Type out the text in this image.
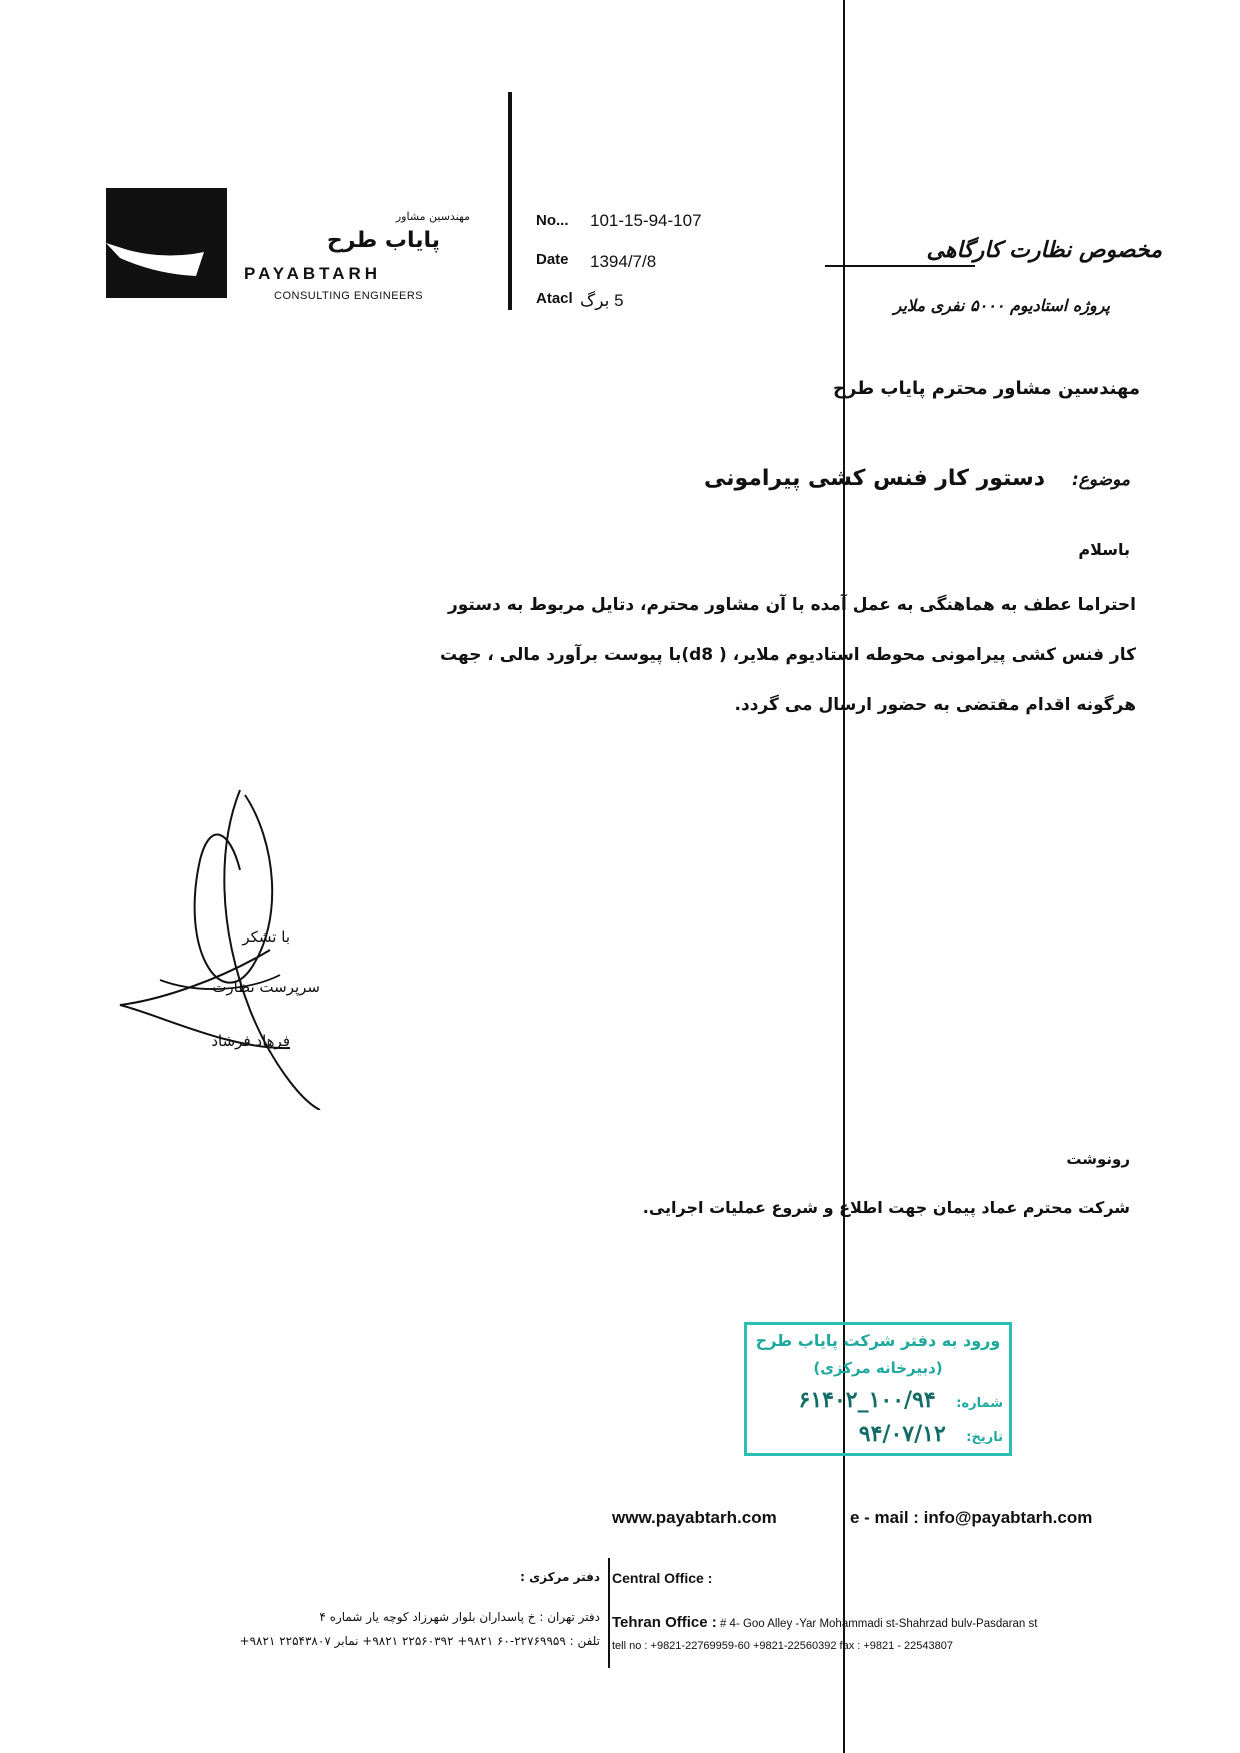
مهندسین مشاور
پایاب طرح
PAYABTARH
CONSULTING ENGINEERS
No... 101-15-94-107
Date 1394/7/8
Atacl 5 برگ
مخصوص نظارت کارگاهی
پروژه استادیوم ۵۰۰۰ نفری ملایر
مهندسین مشاور محترم پایاب طرح
موضوع:
دستور کار فنس کشی پیرامونی
باسلام
احتراما عطف به هماهنگی به عمل آمده با آن مشاور محترم، دتایل مربوط به دستور کار فنس کشی پیرامونی محوطه استادیوم ملایر، ( d8)با پیوست برآورد مالی ، جهت هرگونه اقدام مقتضی به حضور ارسال می گردد.
با تشکر
سرپرست نظارت
فرهاد فرشاد
رونوشت
شرکت محترم عماد پیمان جهت اطلاع و شروع عملیات اجرایی.
ورود به دفتر شرکت پایاب طرح
(دبیرخانه مرکزی)
شماره: ۱۰۰/۹۴_۶۱۴۰۲
تاریخ: ۹۴/۰۷/۱۲
www.payabtarh.com	e - mail : info@payabtarh.com
دفتر مرکزی :
دفتر تهران : خ پاسداران بلوار شهرزاد کوچه یار شماره ۴
تلفن : ۲۲۷۶۹۹۵۹-۶۰ ۹۸۲۱+ ۲۲۵۶۰۳۹۲ ۹۸۲۱+ نمابر ۲۲۵۴۳۸۰۷ ۹۸۲۱+
Central Office :
Tehran Office : # 4- Goo Alley -Yar Mohammadi st-Shahrzad bulv-Pasdaran st
tell no : +9821-22769959-60 +9821-22560392 fax : +9821 - 22543807
